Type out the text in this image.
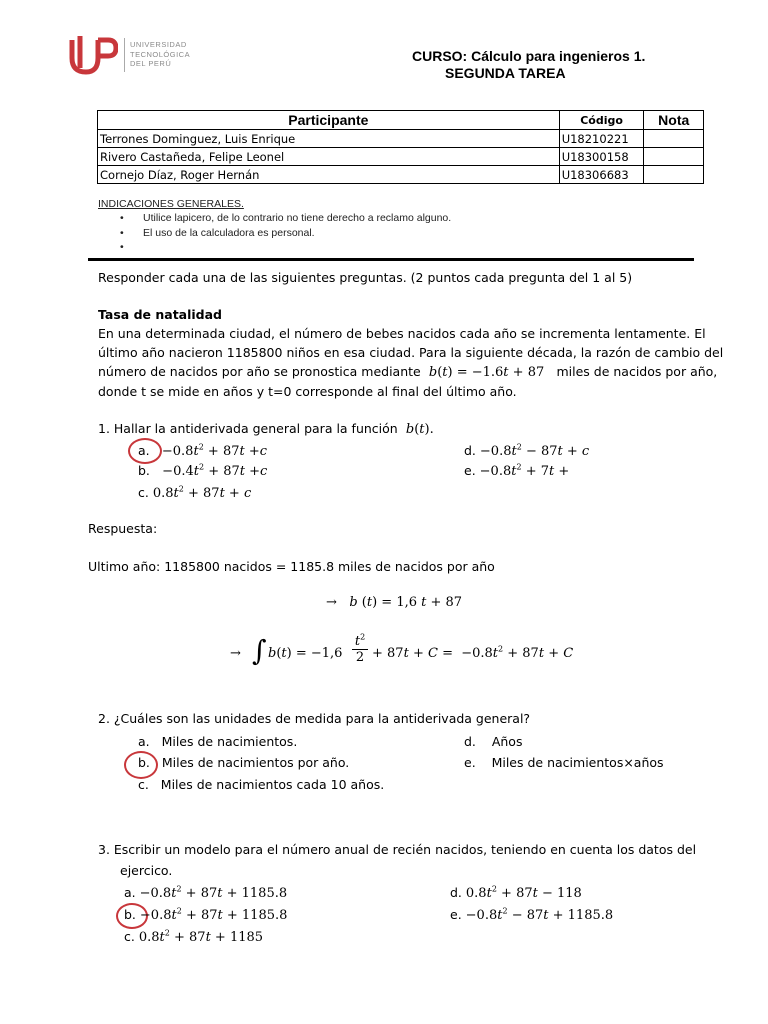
UNIVERSIDAD
TECNOLÓGICA
DEL PERÚ	CURSO: Cálculo para ingenieros 1.
SEGUNDA TAREA
Participante	Código	Nota
Terrones Dominguez, Luis Enrique	U18210221	
Rivero Castañeda, Felipe Leonel	U18300158	
Cornejo Díaz, Roger Hernán	U18306683	
INDICACIONES GENERALES.
• Utilice lapicero, de lo contrario no tiene derecho a reclamo alguno.
• El uso de la calculadora es personal.
•
Responder cada una de las siguientes preguntas. (2 puntos cada pregunta del 1 al 5)
Tasa de natalidad
En una determinada ciudad, el número de bebes nacidos cada año se incrementa lentamente. El
último año nacieron 1185800 niños en esa ciudad. Para la siguiente década, la razón de cambio del
número de nacidos por año se pronostica mediante b(t) = −1.6t + 87   miles de nacidos por año,
donde t se mide en años y t=0 corresponde al final del último año.
1. Hallar la antiderivada general para la función b(t).
a.   $-0.8t^2 + 87t +c$
b.   $-0.4t^2 + 87t +c$
c. $0.8t^2 + 87t + c$
d. $-0.8t^2 - 87t + c$
e. $-0.8t^2 + 7t$ +
Respuesta:
Ultimo año: 1185800 nacidos = 1185.8 miles de nacidos por año
→ b (t) = 1,6 t + 87
→ ∫ b(t) = −1,6
$t^2$

$2 + 87t + C = -0.8t^2 + 87t + C$
2. ¿Cuáles son las unidades de medida para la antiderivada general?
a. Miles de nacimientos.
b. Miles de nacimientos por año.
c. Miles de nacimientos cada 10 años.
d. Años
e. Miles de nacimientos×años
3. Escribir un modelo para el número anual de recién nacidos, teniendo en cuenta los datos del
ejercico.
a. $-0.8t^2 + 87t + 1185.8$
b. $-0.8t^2 + 87t + 1185.8$
c. $0.8t^2 + 87t + 1185$
d. $0.8t^2 + 87t - 118$
e. $-0.8t^2 - 87t + 1185.8$
